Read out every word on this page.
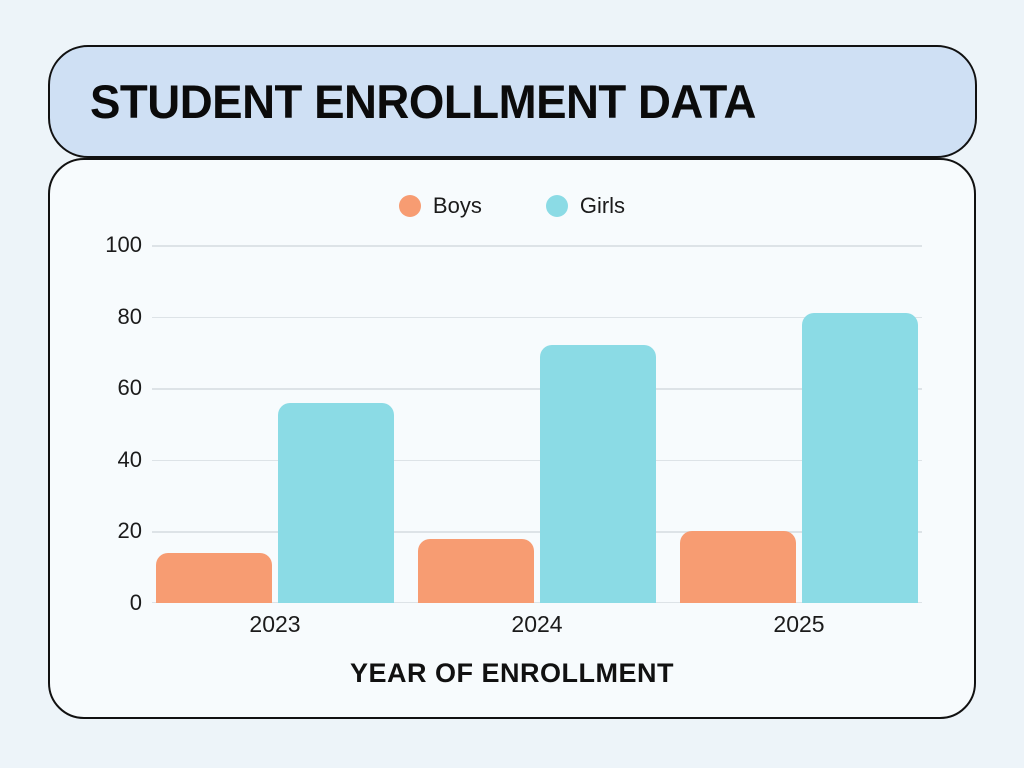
STUDENT ENROLLMENT DATA
Boys	Girls
0
20
40
60
80
100
2023	2024	2025
YEAR OF ENROLLMENT
